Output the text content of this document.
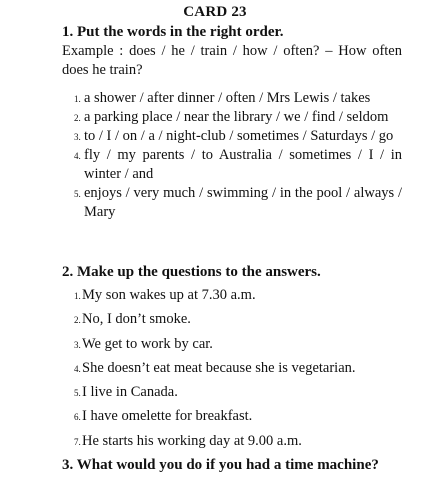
CARD 23
1. Put the words in the right order.
Example : does / he / train / how / often? – How often does he train?
1. a shower / after dinner / often / Mrs Lewis / takes
2. a parking place / near the library / we / find / seldom
3. to / I / on / a / night-club / sometimes / Saturdays / go
4. fly / my parents / to Australia / sometimes / I / in winter / and
5. enjoys / very much / swimming / in the pool / always / Mary
2. Make up the questions to the answers.
1. My son wakes up at 7.30 a.m.
2. No, I don’t smoke.
3. We get to work by car.
4. She doesn’t eat meat because she is vegetarian.
5. I live in Canada.
6. I have omelette for breakfast.
7. He starts his working day at 9.00 a.m.
3. What would you do if you had a time machine?
